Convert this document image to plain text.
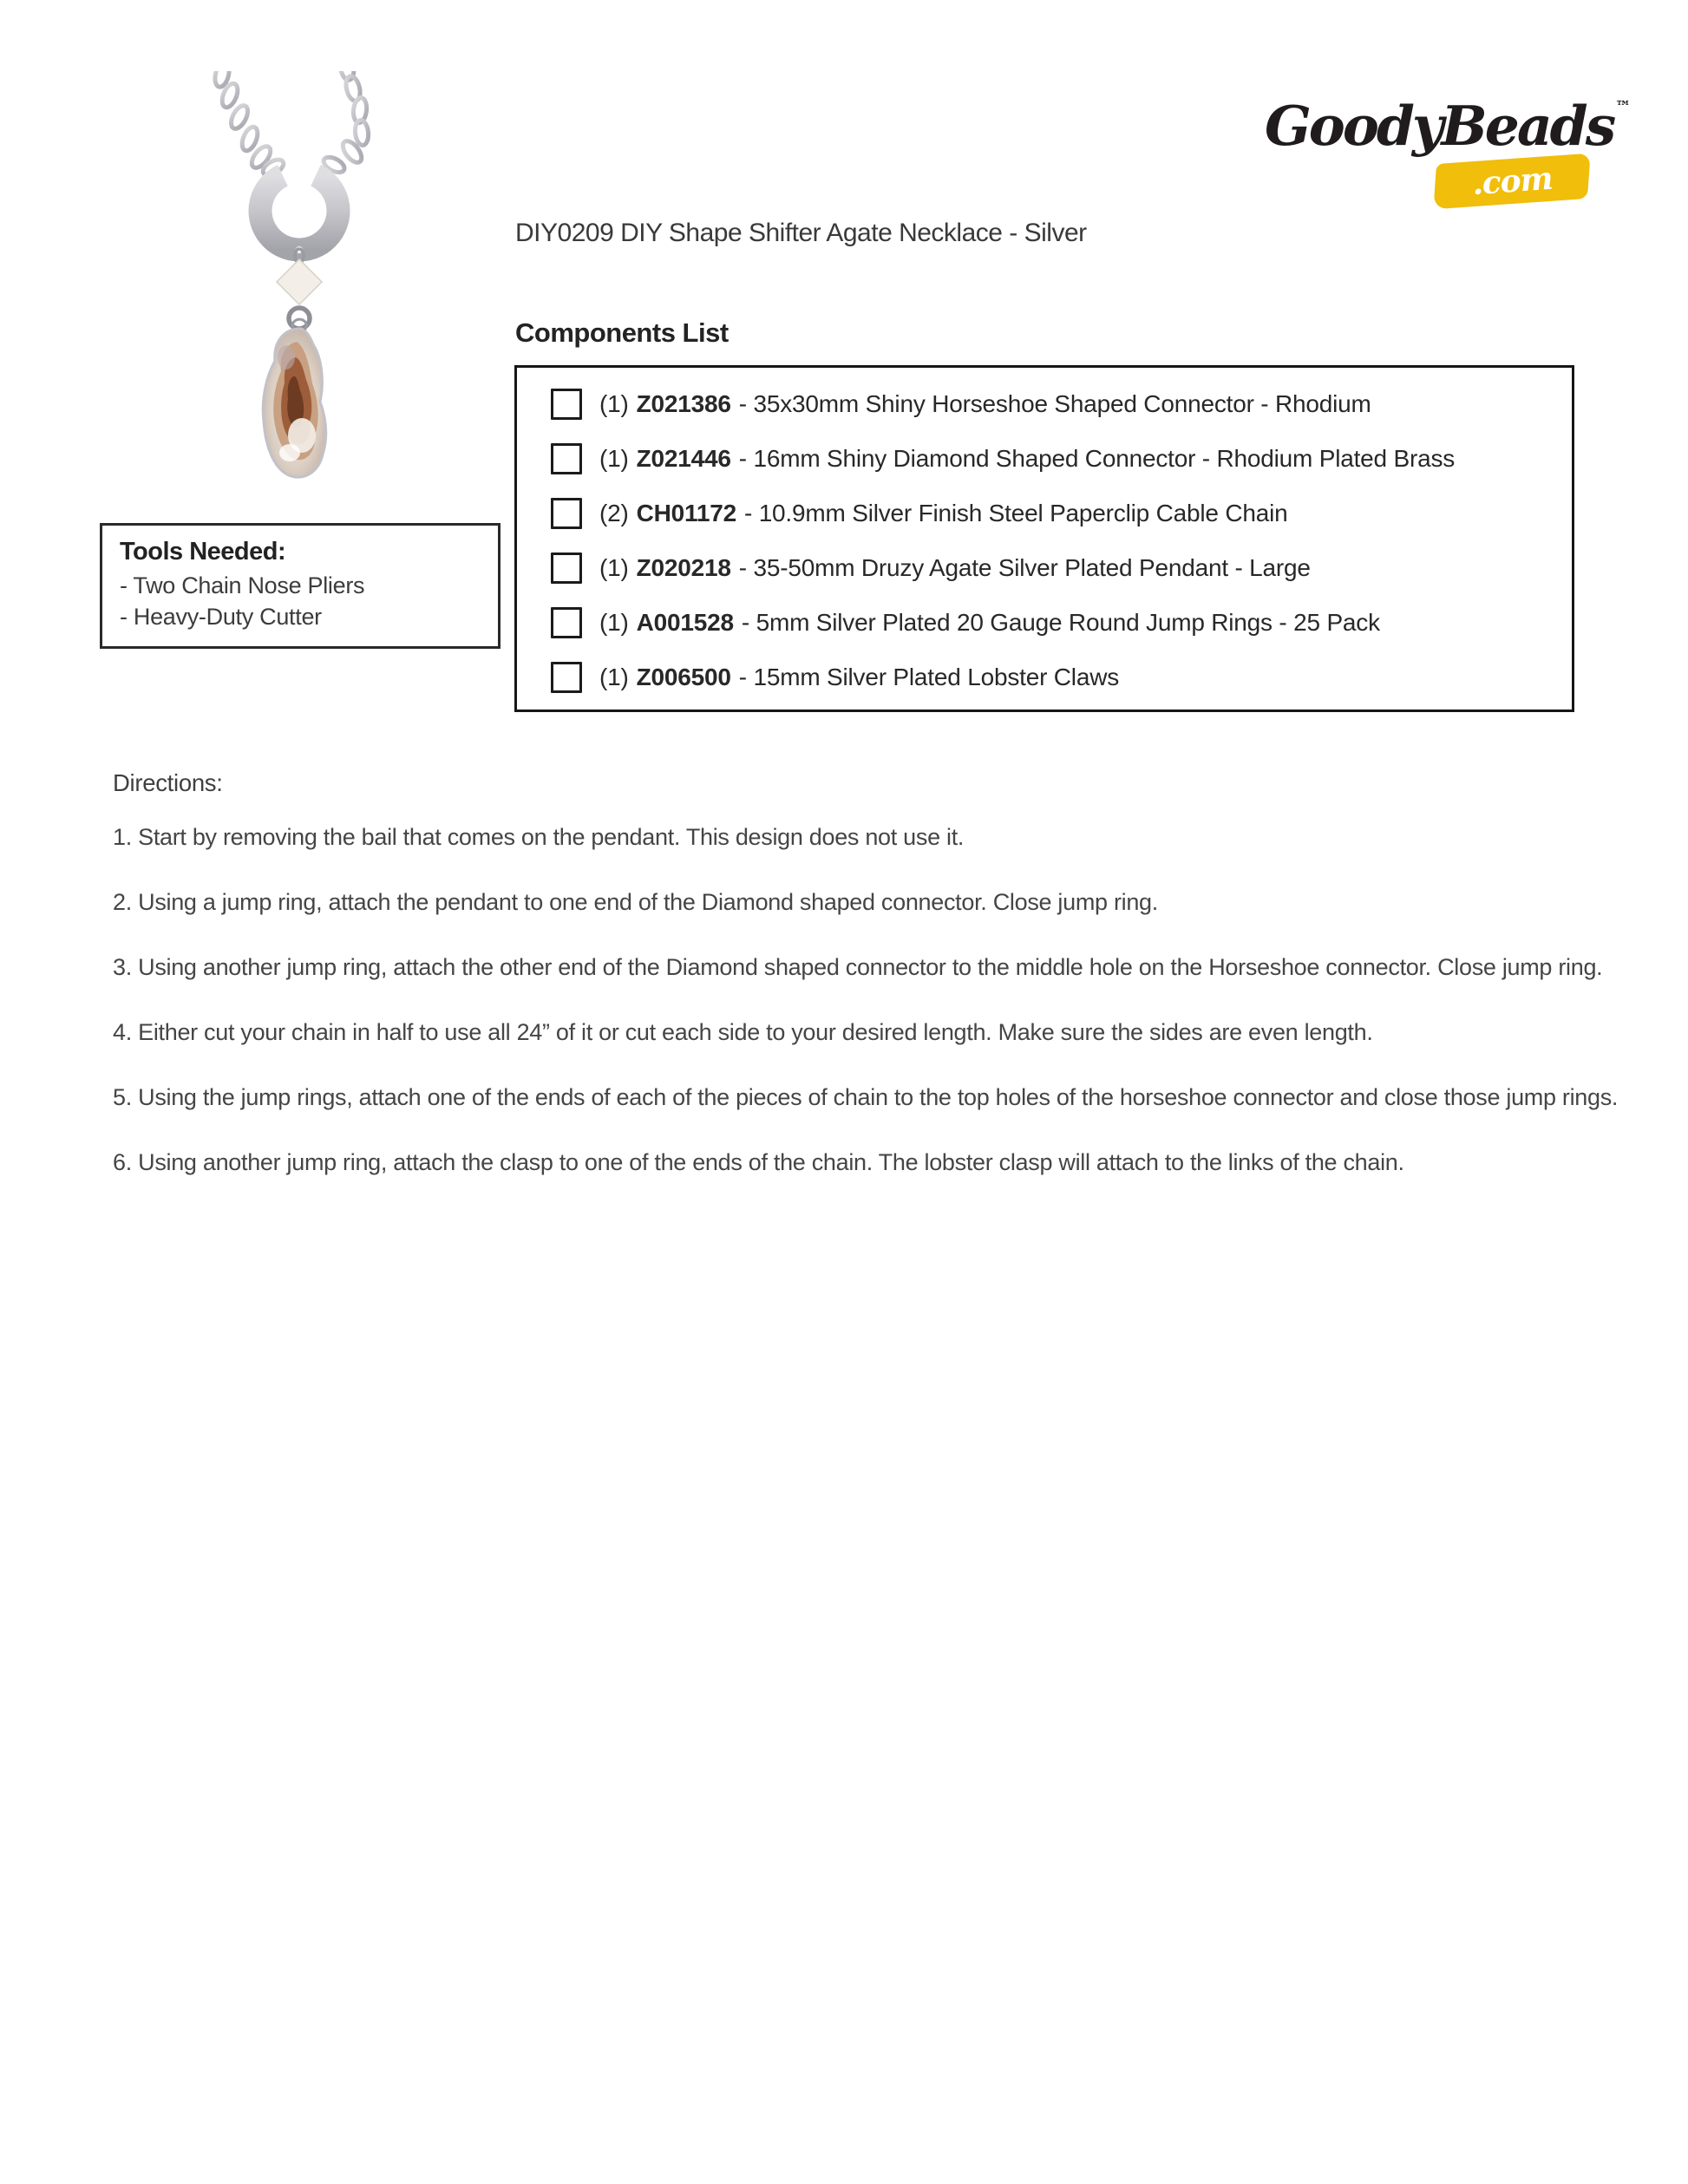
GoodyBeads ™
.com
DIY0209 DIY Shape Shifter Agate Necklace - Silver
Components List
(1) Z021386 - 35x30mm Shiny Horseshoe Shaped Connector - Rhodium
(1) Z021446 - 16mm Shiny Diamond Shaped Connector - Rhodium Plated Brass
(2) CH01172 - 10.9mm Silver Finish Steel Paperclip Cable Chain
(1) Z020218 - 35-50mm Druzy Agate Silver Plated Pendant - Large
(1) A001528 - 5mm Silver Plated 20 Gauge Round Jump Rings - 25 Pack
(1) Z006500 - 15mm Silver Plated Lobster Claws
Tools Needed:
- Two Chain Nose Pliers
- Heavy-Duty Cutter

Directions:

1. Start by removing the bail that comes on the pendant. This design does not use it.

2. Using a jump ring, attach the pendant to one end of the Diamond shaped connector. Close jump ring.

3. Using another jump ring, attach the other end of the Diamond shaped connector to the middle hole on the Horseshoe connector. Close jump ring.

4. Either cut your chain in half to use all 24” of it or cut each side to your desired length. Make sure the sides are even length.

5. Using the jump rings, attach one of the ends of each of the pieces of chain to the top holes of the horseshoe connector and close those jump rings.

6. Using another jump ring, attach the clasp to one of the ends of the chain. The lobster clasp will attach to the links of the chain.
